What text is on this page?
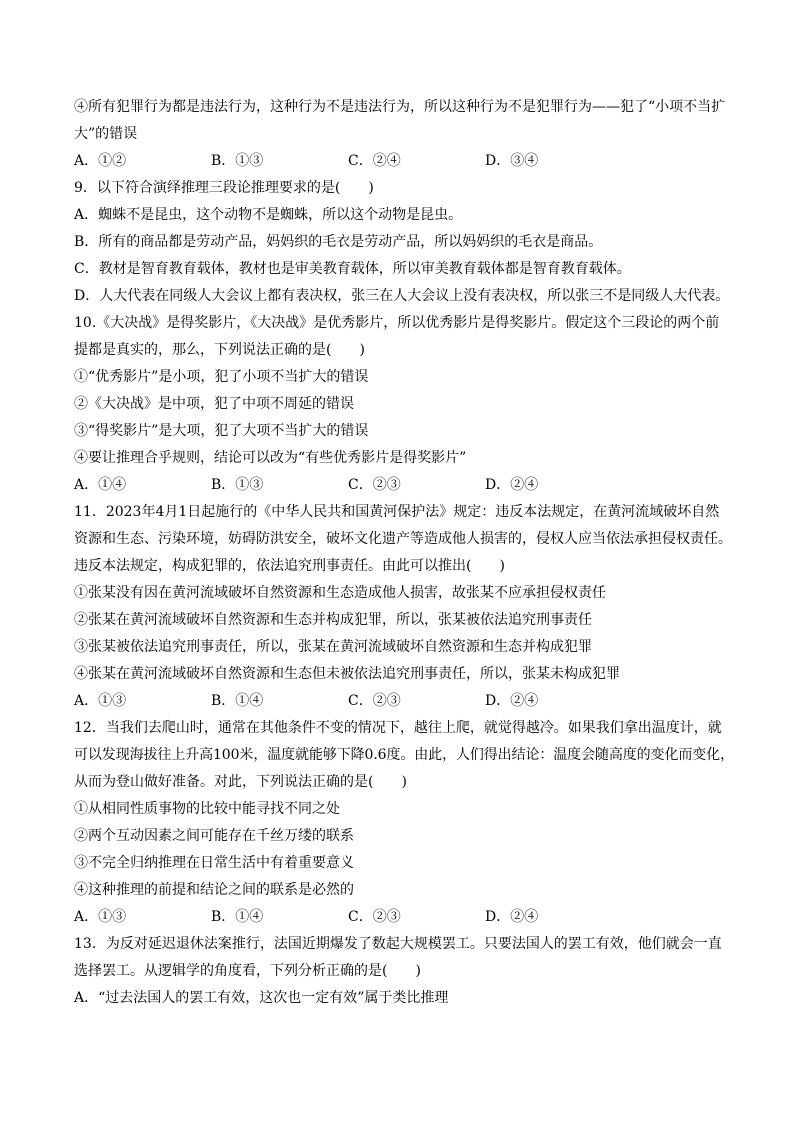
④所有犯罪行为都是违法行为，这种行为不是违法行为，所以这种行为不是犯罪行为——犯了“小项不当扩
大”的错误
A．①②	B．①③	C．②④	D．③④
9．以下符合演绎推理三段论推理要求的是(　　)
A．蜘蛛不是昆虫，这个动物不是蜘蛛，所以这个动物是昆虫。
B．所有的商品都是劳动产品，妈妈织的毛衣是劳动产品，所以妈妈织的毛衣是商品。
C．教材是智育教育载体，教材也是审美教育载体，所以审美教育载体都是智育教育载体。
D．人大代表在同级人大会议上都有表决权，张三在人大会议上没有表决权，所以张三不是同级人大代表。
10.《大决战》是得奖影片，《大决战》是优秀影片，所以优秀影片是得奖影片。假定这个三段论的两个前
提都是真实的，那么，下列说法正确的是(　　)
①“优秀影片”是小项，犯了小项不当扩大的错误
②《大决战》是中项，犯了中项不周延的错误
③“得奖影片”是大项，犯了大项不当扩大的错误
④要让推理合乎规则，结论可以改为“有些优秀影片是得奖影片”
A．①④	B．①③	C．②③	D．②④
11．2023年4月1日起施行的《中华人民共和国黄河保护法》规定：违反本法规定，在黄河流域破坏自然
资源和生态、污染环境，妨碍防洪安全，破坏文化遗产等造成他人损害的，侵权人应当依法承担侵权责任。
违反本法规定，构成犯罪的，依法追究刑事责任。由此可以推出(　　)
①张某没有因在黄河流域破坏自然资源和生态造成他人损害，故张某不应承担侵权责任
②张某在黄河流域破坏自然资源和生态并构成犯罪，所以，张某被依法追究刑事责任
③张某被依法追究刑事责任，所以，张某在黄河流域破坏自然资源和生态并构成犯罪
④张某在黄河流域破坏自然资源和生态但未被依法追究刑事责任，所以，张某未构成犯罪
A．①③	B．①④	C．②③	D．②④
12．当我们去爬山时，通常在其他条件不变的情况下，越往上爬，就觉得越冷。如果我们拿出温度计，就
可以发现海拔往上升高100米，温度就能够下降0.6度。由此，人们得出结论：温度会随高度的变化而变化，
从而为登山做好准备。对此，下列说法正确的是(　　)
①从相同性质事物的比较中能寻找不同之处
②两个互动因素之间可能存在千丝万缕的联系
③不完全归纳推理在日常生活中有着重要意义
④这种推理的前提和结论之间的联系是必然的
A．①③	B．①④	C．②③	D．②④
13．为反对延迟退休法案推行，法国近期爆发了数起大规模罢工。只要法国人的罢工有效，他们就会一直
选择罢工。从逻辑学的角度看，下列分析正确的是(　　)
A．“过去法国人的罢工有效，这次也一定有效”属于类比推理
